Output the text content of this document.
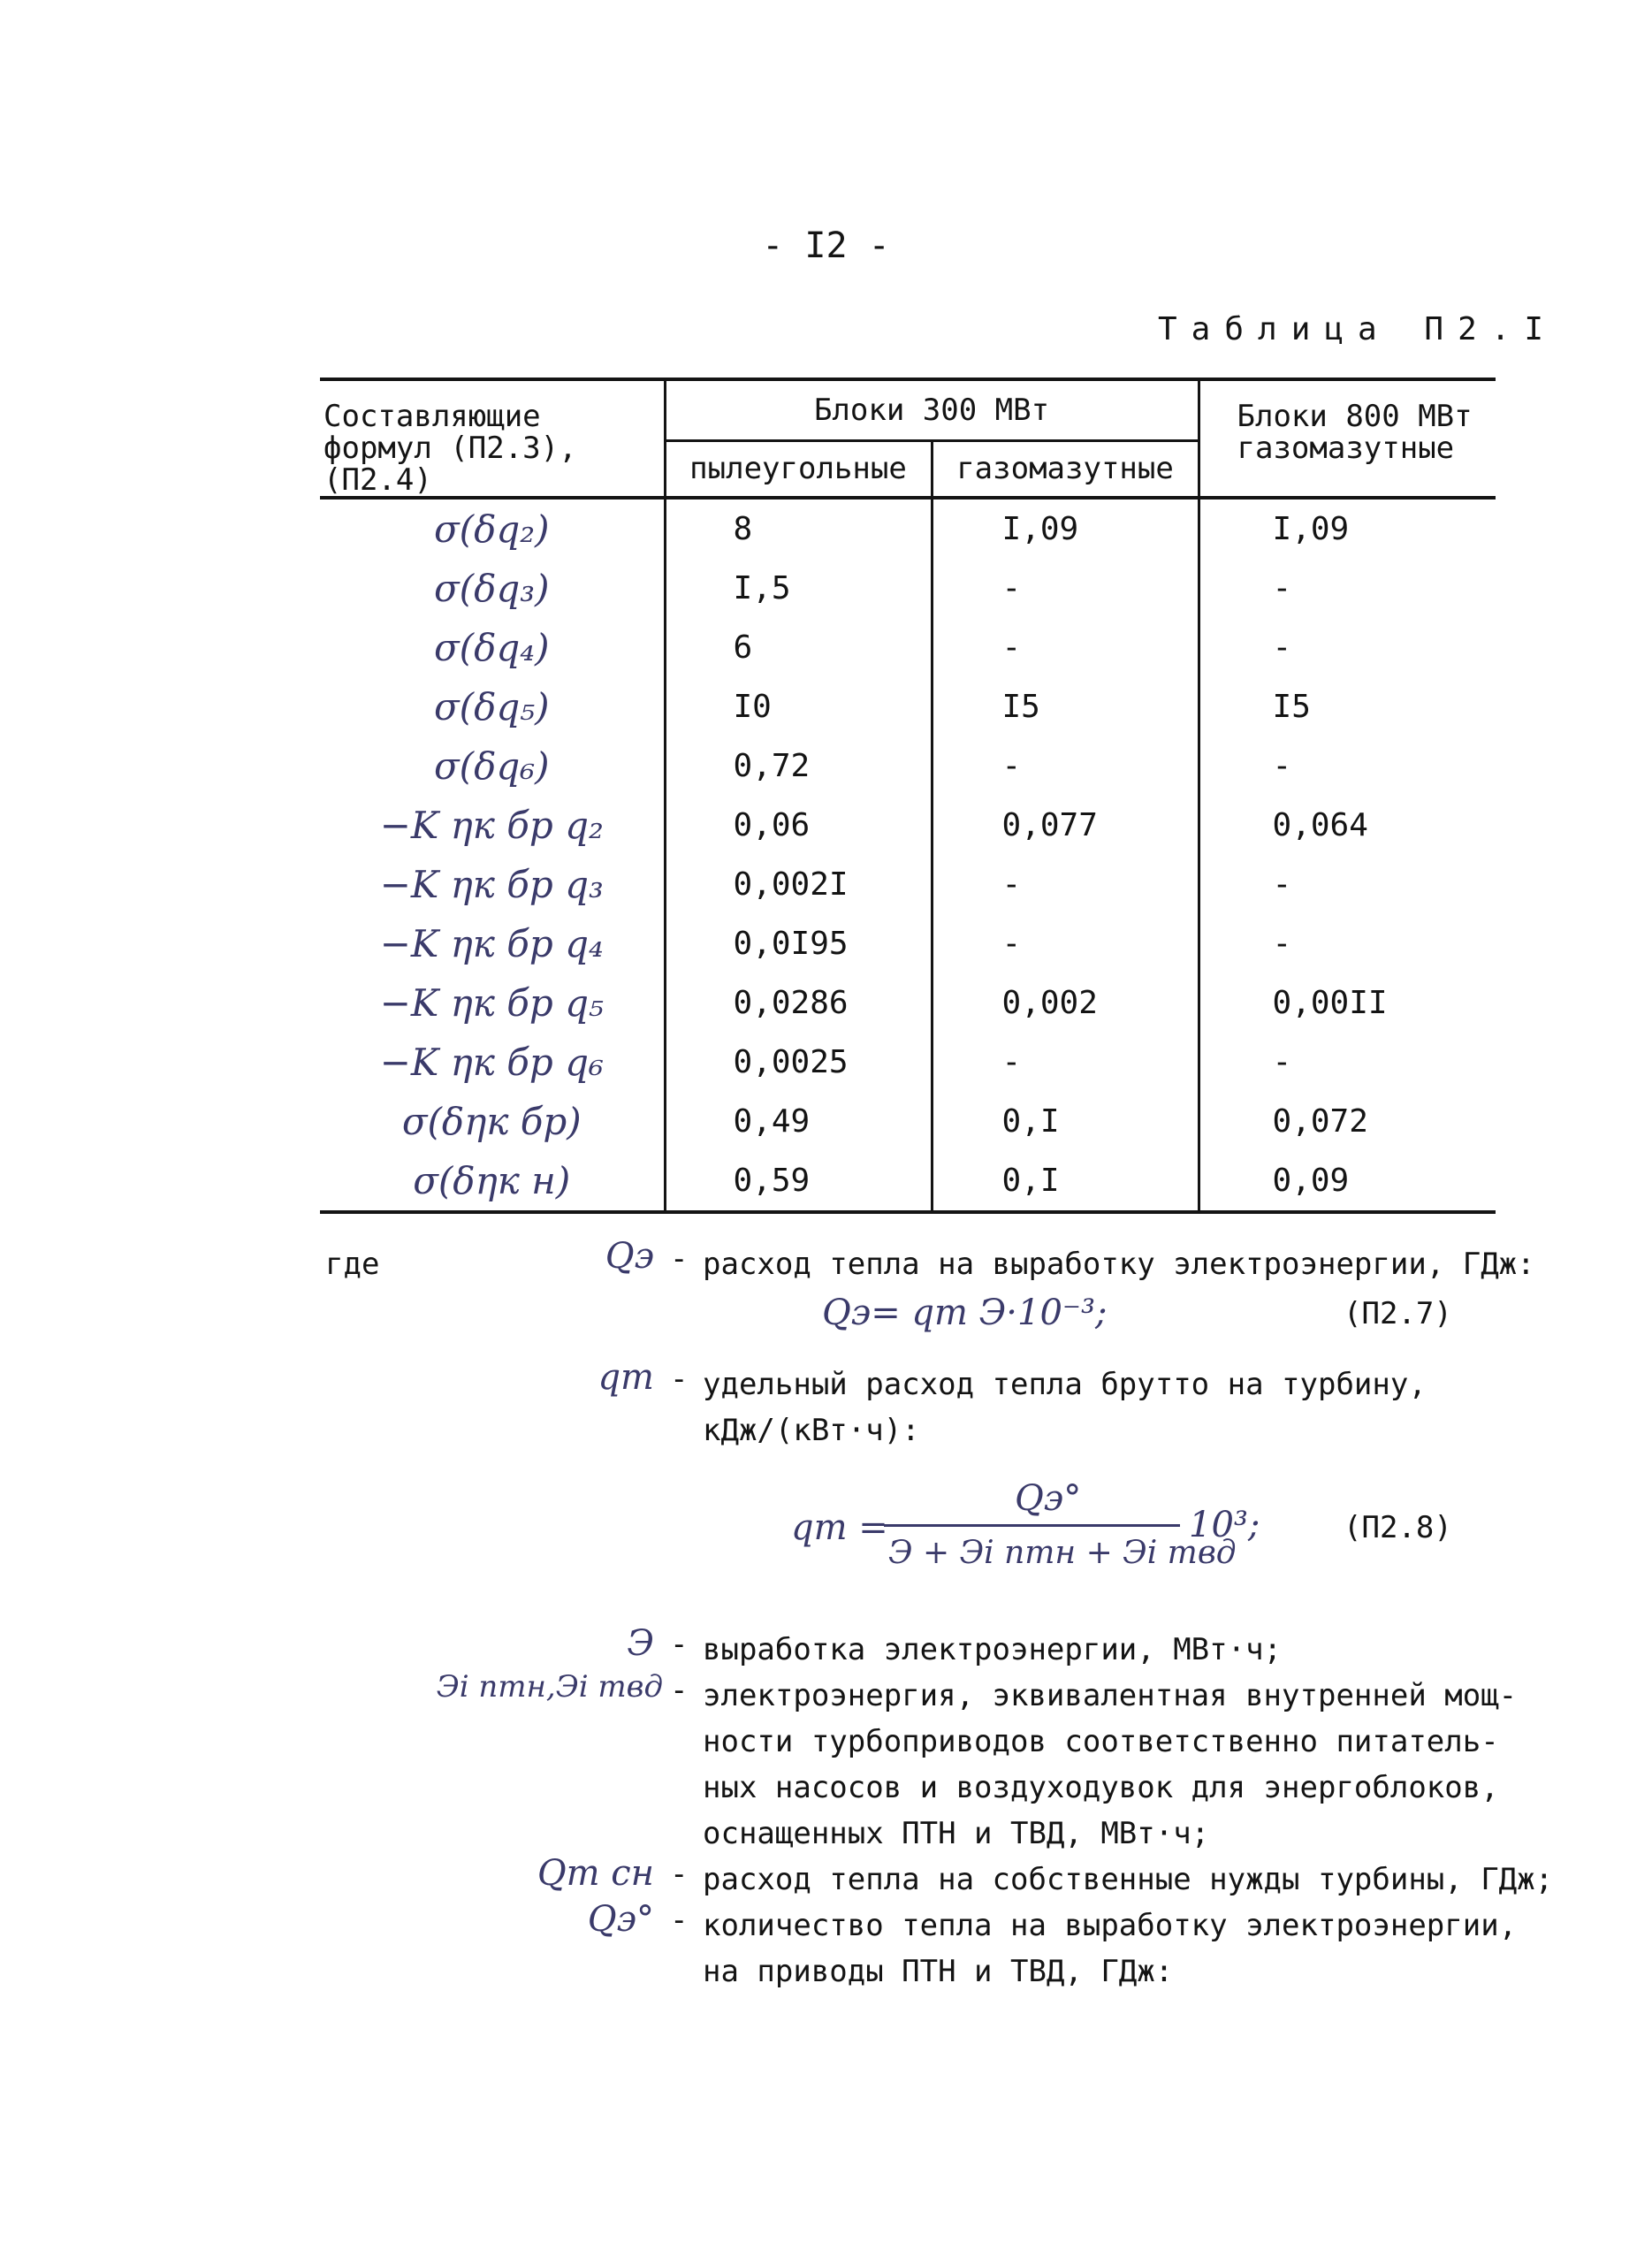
- I2 -
Таблица П2.I
Составляющие формул (П2.3), (П2.4)	Блоки 300 МВт		Блоки 800 МВт газомазутные
	пылеугольные	газомазутные	
σ(δq₂)	8	I,09	I,09
σ(δq₃)	I,5	-	-
σ(δq₄)	6	-	-
σ(δq₅)	I0	I5	I5
σ(δq₆)	0,72	-	-
−K ηк бр q₂	0,06	0,077	0,064
−K ηк бр q₃	0,002I	-	-
−K ηк бр q₄	0,0I95	-	-
−K ηк бр q₅	0,0286	0,002	0,00II
−K ηк бр q₆	0,0025	-	-
σ(δηк бр)	0,49	0,I	0,072
σ(δηк н)	0,59	0,I	0,09
где	Qэ - расход тепла на выработку электроэнергии, ГДж:
Qэ= qт Э·10⁻³;	(П2.7)
qт - удельный расход тепла брутто на турбину,
кДж/(кВт·ч):
qт =
Qэ°
Э + Эi птн + Эi твд
10³;	(П2.8)
Э - выработка электроэнергии, МВт·ч;
Эi птн,Эi твд - электроэнергия, эквивалентная внутренней мощ-
ности турбоприводов соответственно питатель-
ных насосов и воздуходувок для энергоблоков,
оснащенных ПТН и ТВД, МВт·ч;
Qт сн - расход тепла на собственные нужды турбины, ГДж;
Qэ° - количество тепла на выработку электроэнергии,
на приводы ПТН и ТВД, ГДж:
